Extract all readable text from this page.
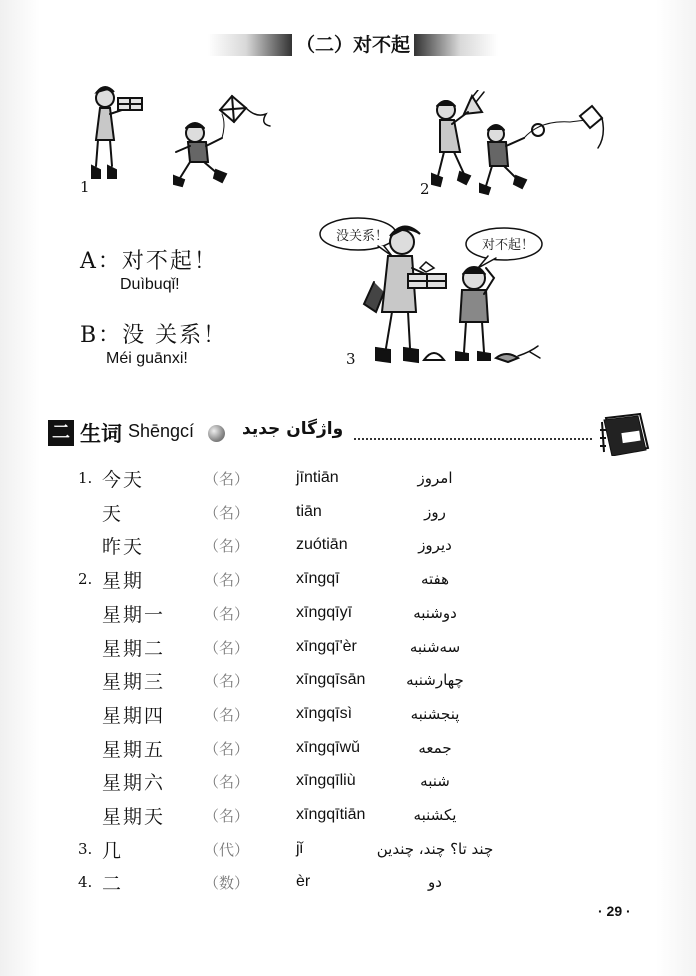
（二）对不起
1	2
A：对不起！
Duìbuqǐ!
B：没 关系！
Méi guānxi!
没关系！
对不起！
3
二 生词 Shēngcí	واژگان جدید
1. 今天	（名）	jīntiān	امروز
天	（名）	tiān	روز
昨天	（名）	zuótiān	دیروز
2. 星期	（名）	xīngqī	هفته
星期一	（名）	xīngqīyī	دوشنبه
星期二	（名）	xīngqī'èr	سه‌شنبه
星期三	（名）	xīngqīsān	چهارشنبه
星期四	（名）	xīngqīsì	پنجشنبه
星期五	（名）	xīngqīwǔ	جمعه
星期六	（名）	xīngqīliù	شنبه
星期天	（名）	xīngqītiān	یکشنبه
3. 几	（代）	jǐ	چند تا؟ چند، چندین
4. 二	（数）	èr	دو
· 29 ·
